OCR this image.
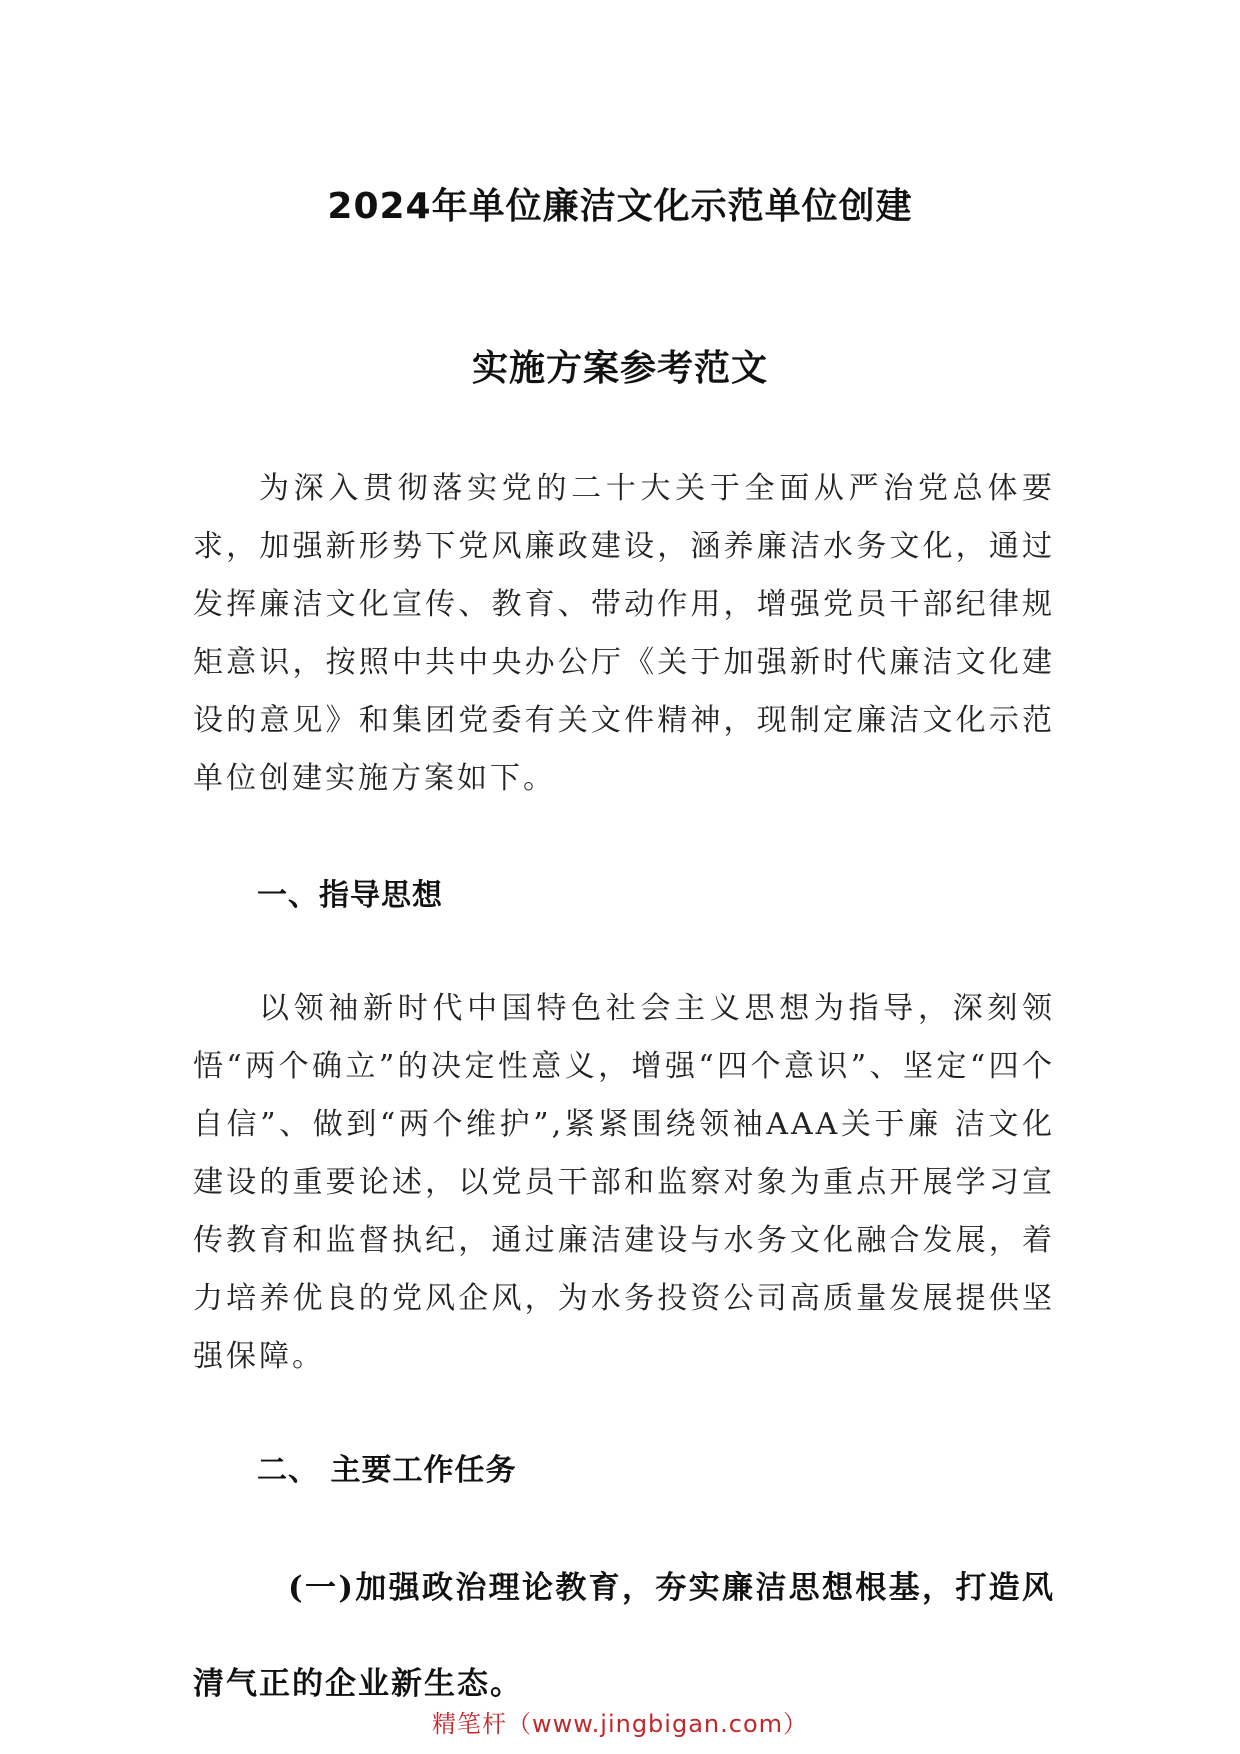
2024年单位廉洁文化示范单位创建
实施方案参考范文

为深入贯彻落实党的二十大关于全面从严治党总体要求，加强新形势下党风廉政建设，涵养廉洁水务文化，通过发挥廉洁文化宣传、教育、带动作用，增强党员干部纪律规矩意识，按照中共中央办公厅《关于加强新时代廉洁文化建设的意见》和集团党委有关文件精神，现制定廉洁文化示范单位创建实施方案如下。

一、指导思想

以领袖新时代中国特色社会主义思想为指导，深刻领悟“两个确立”的决定性意义，增强“四个意识”、坚定“四个自信”、做到“两个维护”,紧紧围绕领袖AAA关于廉 洁文化建设的重要论述，以党员干部和监察对象为重点开展学习宣传教育和监督执纪，通过廉洁建设与水务文化融合发展，着力培养优良的党风企风，为水务投资公司高质量发展提供坚强保障。

二、 主要工作任务
(一)加强政治理论教育，夯实廉洁思想根基，打造风清气正的企业新生态。
精笔杆（www.jingbigan.com）
